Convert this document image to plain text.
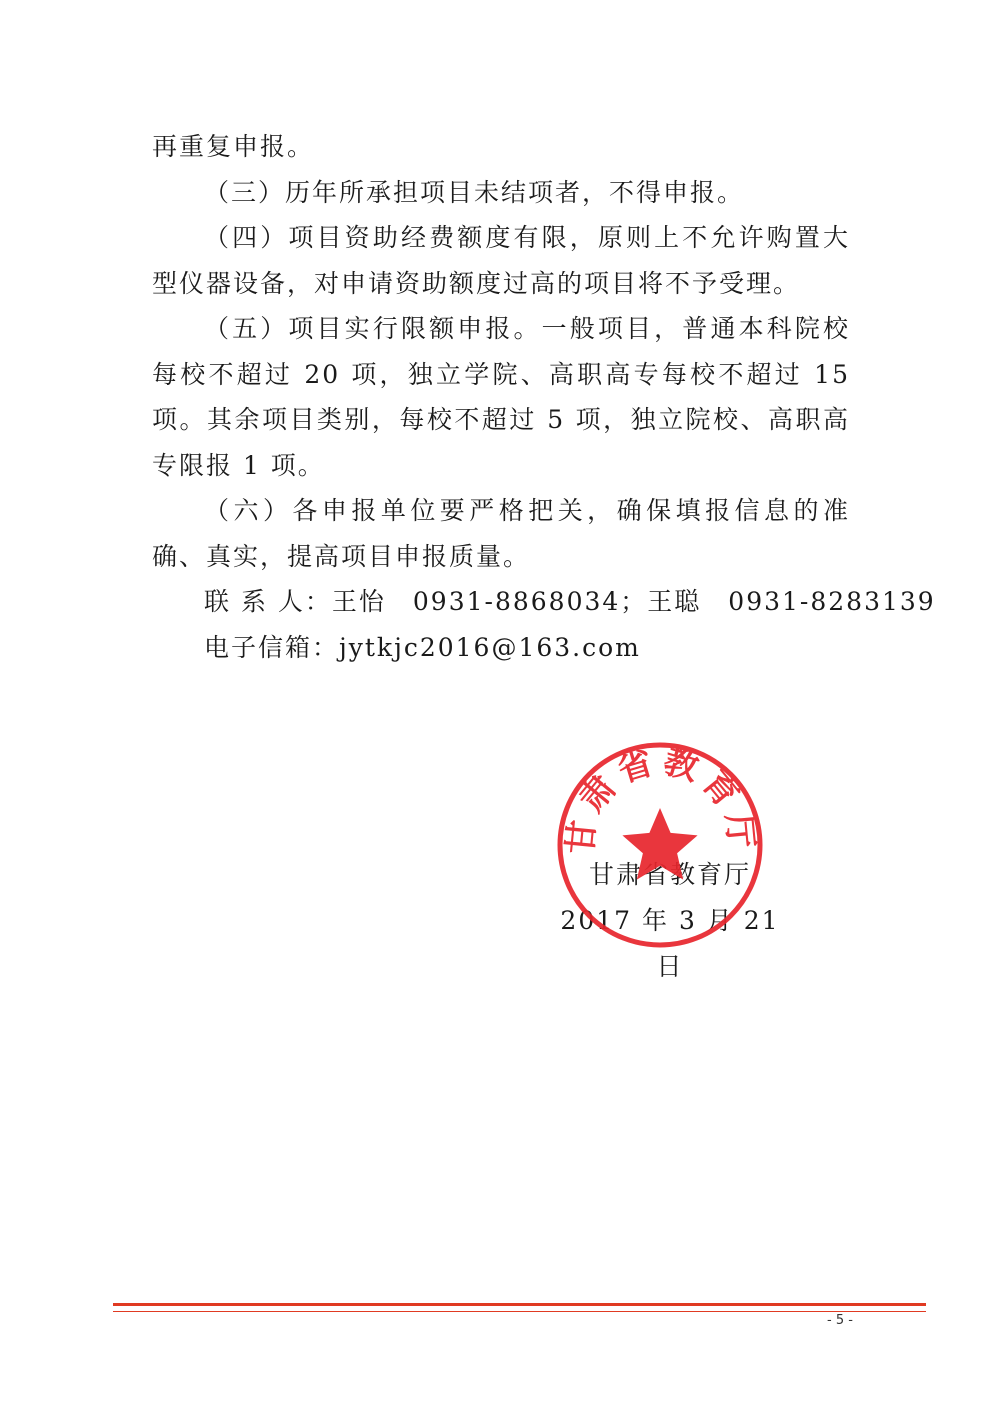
再重复申报。

（三）历年所承担项目未结项者，不得申报。

（四）项目资助经费额度有限，原则上不允许购置大型仪器设备，对申请资助额度过高的项目将不予受理。

（五）项目实行限额申报。一般项目，普通本科院校每校不超过 20 项，独立学院、高职高专每校不超过 15 项。其余项目类别，每校不超过 5 项，独立院校、高职高专限报 1 项。

（六）各申报单位要严格把关，确保填报信息的准确、真实，提高项目申报质量。

联 系 人：王怡　0931-8868034；王聪　0931-8283139

电子信箱：jytkjc2016@163.com

甘肃省教育厅
2017 年 3 月 21 日
甘肃省教育厅
- 5 -
